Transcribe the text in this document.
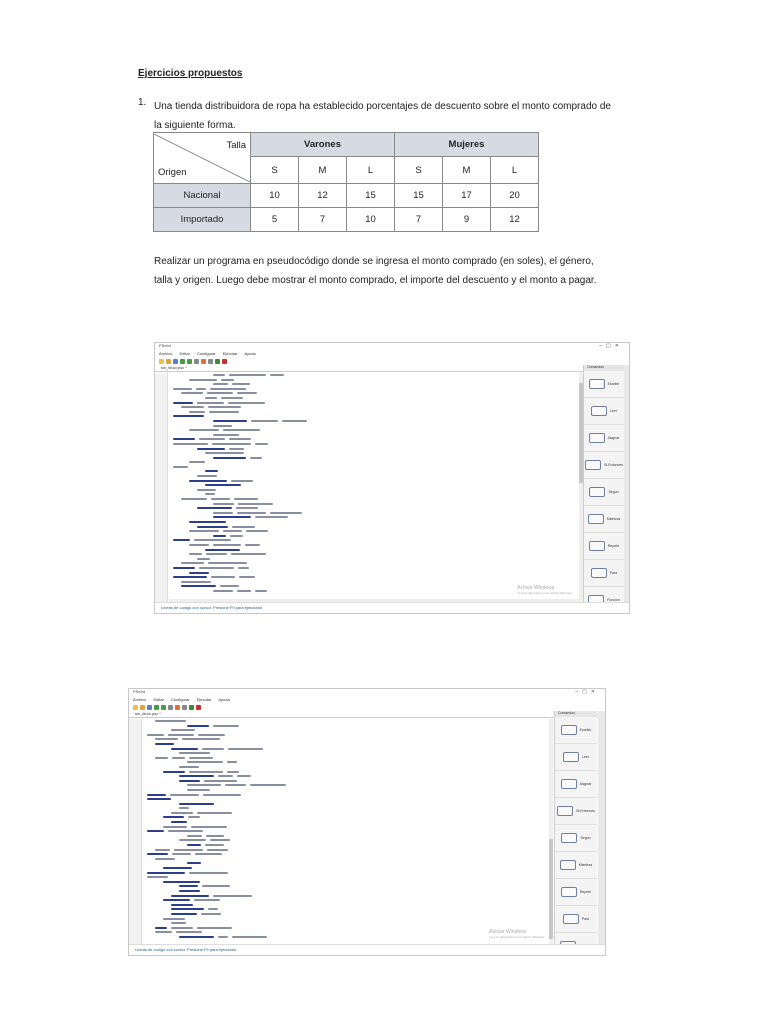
Ejercicios propuestos
1. Una tienda distribuidora de ropa ha establecido porcentajes de descuento sobre el monto comprado de la siguiente forma.
Talla
Origen	Varones			Mujeres		
	S	M	L	S	M	L
Nacional	10	12	15	15	17	20
Importado	5	7	10	7	9	12
Realizar un programa en pseudocódigo donde se ingresa el monto comprado (en soles), el género, talla y origen. Luego debe mostrar el monto comprado, el importe del descuento y el monto a pagar.
PSeInt	–▢✕
Archivo Editar Configurar Ejecutar Ayuda
sin_titulo.psc *	Comandos
Escribir
Leer
Asignar
Si-Entonces
Segun
Mientras
Repetir
Para
Funcion
Activar Windows
Ve a Configuración para activar Windows.
Lineas de codigo con cursor. Presione F9 para ejecutarlo
PSeInt	–▢✕
Archivo Editar Configurar Ejecutar Ayuda
sin_titulo.psc *	Comandos
Escribir
Leer
Asignar
Si-Entonces
Segun
Mientras
Repetir
Para
Activar Windows
Ve a Configuración para activar Windows.
Lineas de codigo con cursor. Presione F9 para ejecutarlo
